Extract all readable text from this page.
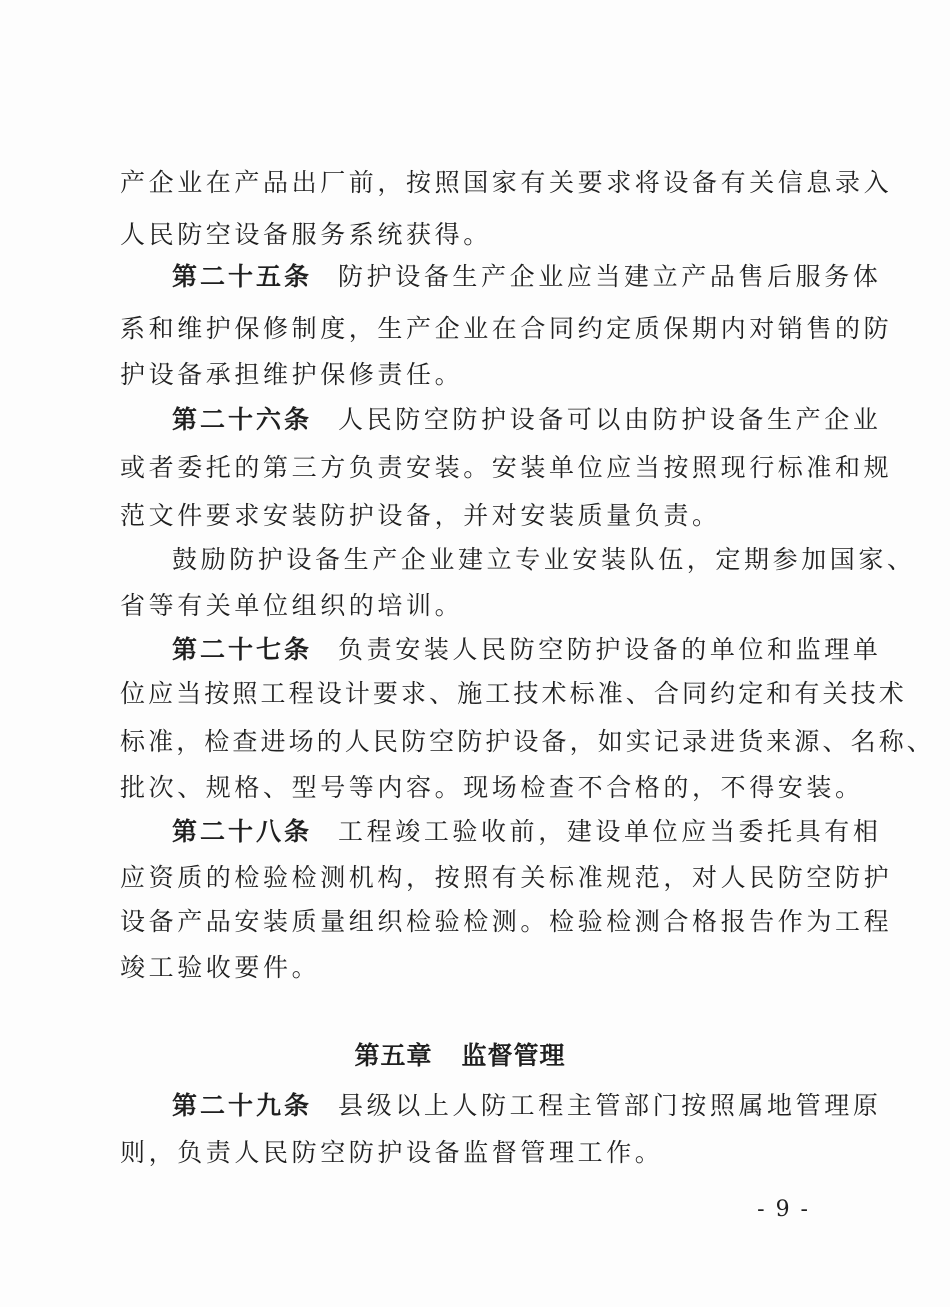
产企业在产品出厂前，按照国家有关要求将设备有关信息录入
人民防空设备服务系统获得。
第二十五条 防护设备生产企业应当建立产品售后服务体
系和维护保修制度，生产企业在合同约定质保期内对销售的防
护设备承担维护保修责任。
第二十六条 人民防空防护设备可以由防护设备生产企业
或者委托的第三方负责安装。安装单位应当按照现行标准和规
范文件要求安装防护设备，并对安装质量负责。
鼓励防护设备生产企业建立专业安装队伍，定期参加国家、
省等有关单位组织的培训。
第二十七条 负责安装人民防空防护设备的单位和监理单
位应当按照工程设计要求、施工技术标准、合同约定和有关技术
标准，检查进场的人民防空防护设备，如实记录进货来源、名称、
批次、规格、型号等内容。现场检查不合格的，不得安装。
第二十八条 工程竣工验收前，建设单位应当委托具有相
应资质的检验检测机构，按照有关标准规范，对人民防空防护
设备产品安装质量组织检验检测。检验检测合格报告作为工程
竣工验收要件。
第五章   监督管理
第二十九条 县级以上人防工程主管部门按照属地管理原
则，负责人民防空防护设备监督管理工作。
- 9 -
